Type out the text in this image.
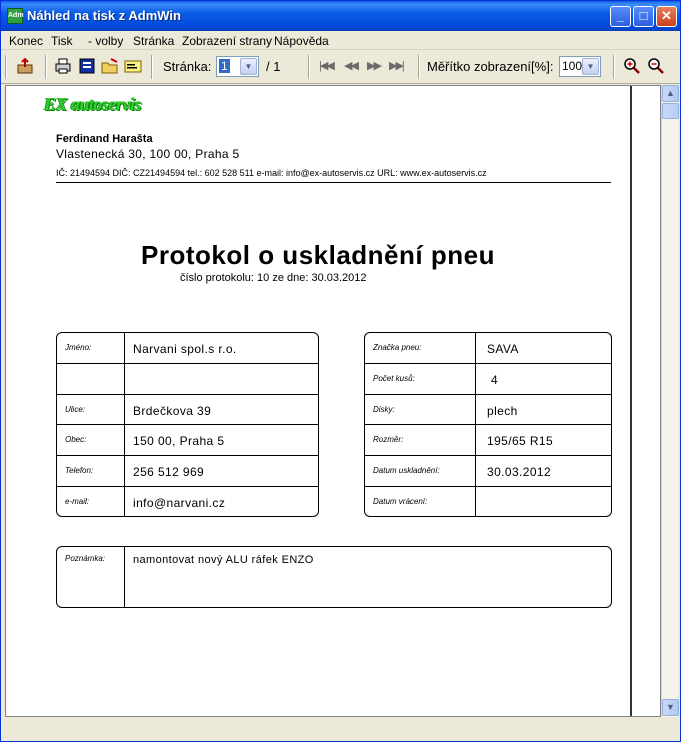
Adm Náhled na tisk z AdmWin	_	□	✕
Konec Tisk - volby Stránka Zobrazení strany Nápověda
Stránka: 1	▼	/ 1	|◀◀ ◀◀ ▶▶ ▶▶| Měřítko zobrazení[%]: 100 ▼
EX autoservis
Ferdinand Harašta
Vlastenecká 30, 100 00, Praha 5
IČ: 21494594 DIČ: CZ21494594 tel.: 602 528 511 e-mail: info@ex-autoservis.cz URL: www.ex-autoservis.cz
Protokol o uskladnění pneu
číslo protokolu: 10 ze dne: 30.03.2012
Jméno:	Narvani spol.s r.o.
Ulice:	Brdečkova 39
Obec:	150 00, Praha 5
Telefon:	256 512 969
e-mail:	info@narvani.cz
Značka pneu:	SAVA
Počet kusů:	4
Disky:	plech
Rozměr:	195/65 R15
Datum uskladnění:	30.03.2012
Datum vrácení:
Poznámka:	namontovat nový ALU ráfek ENZO
▲
▼
